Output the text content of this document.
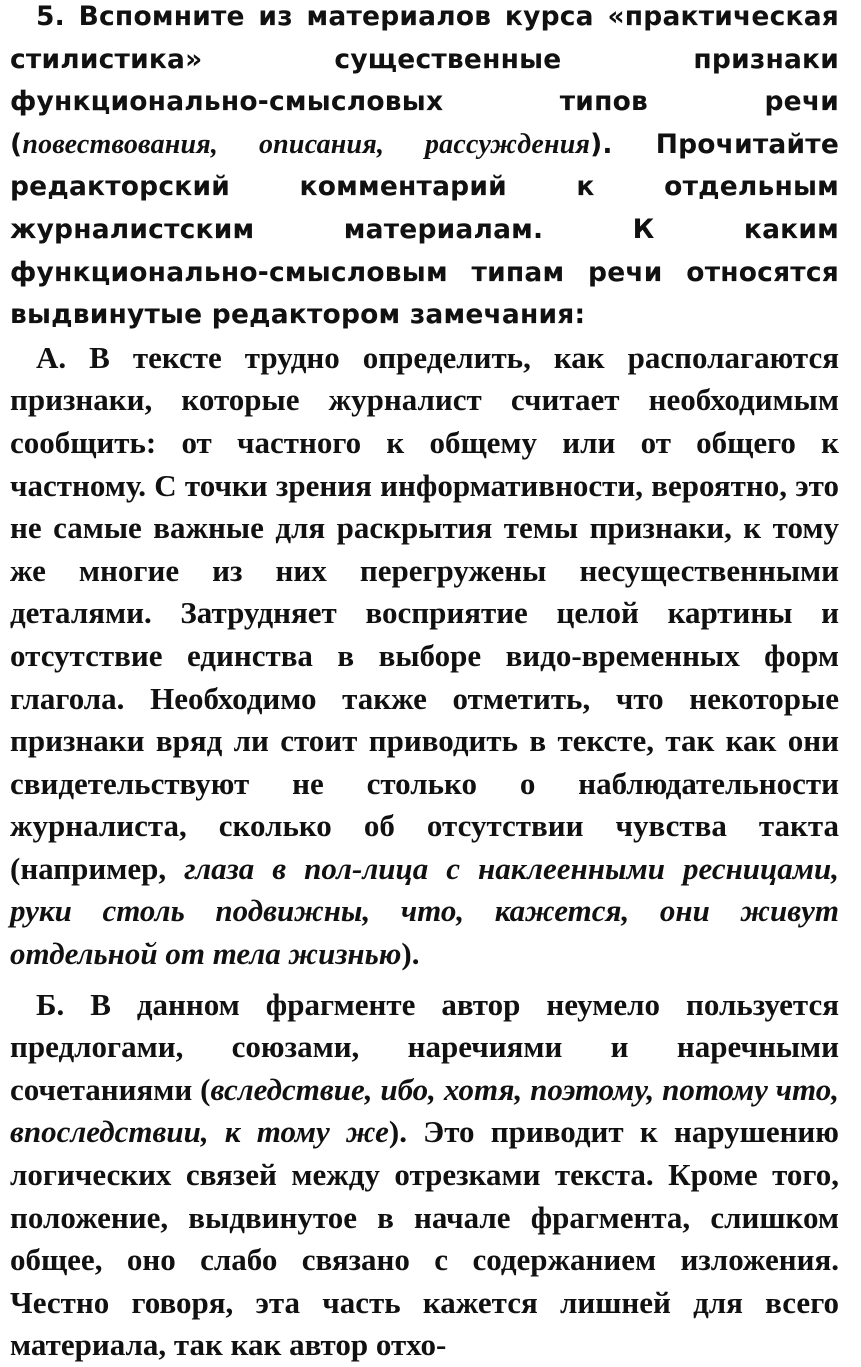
5. Вспомните из материалов курса «практическая стилистика» существенные признаки функционально-смысловых типов речи (повествования, описания, рассуждения). Прочитайте редакторский комментарий к отдельным журналистским материалам. К каким функционально-смысловым типам речи относятся выдвинутые редактором замечания:

А. В тексте трудно определить, как располагаются признаки, которые журналист считает необходимым сообщить: от частного к общему или от общего к частному. С точки зрения информативности, вероятно, это не самые важные для раскрытия темы признаки, к тому же многие из них перегружены несущественными деталями. Затрудняет восприятие целой картины и отсутствие единства в выборе видо-временных форм глагола. Необходимо также отметить, что некоторые признаки вряд ли стоит приводить в тексте, так как они свидетельствуют не столько о наблюдательности журналиста, сколько об отсутствии чувства такта (например, глаза в пол-лица с наклеенными ресницами, руки столь подвижны, что, кажется, они живут отдельной от тела жизнью).

Б. В данном фрагменте автор неумело пользуется предлогами, союзами, наречиями и наречными сочетаниями (вследствие, ибо, хотя, поэтому, потому что, впоследствии, к тому же). Это приводит к нарушению логических связей между отрезками текста. Кроме того, положение, выдвинутое в начале фрагмента, слишком общее, оно слабо связано с содержанием изложения. Честно говоря, эта часть кажется лишней для всего материала, так как автор отхо-
